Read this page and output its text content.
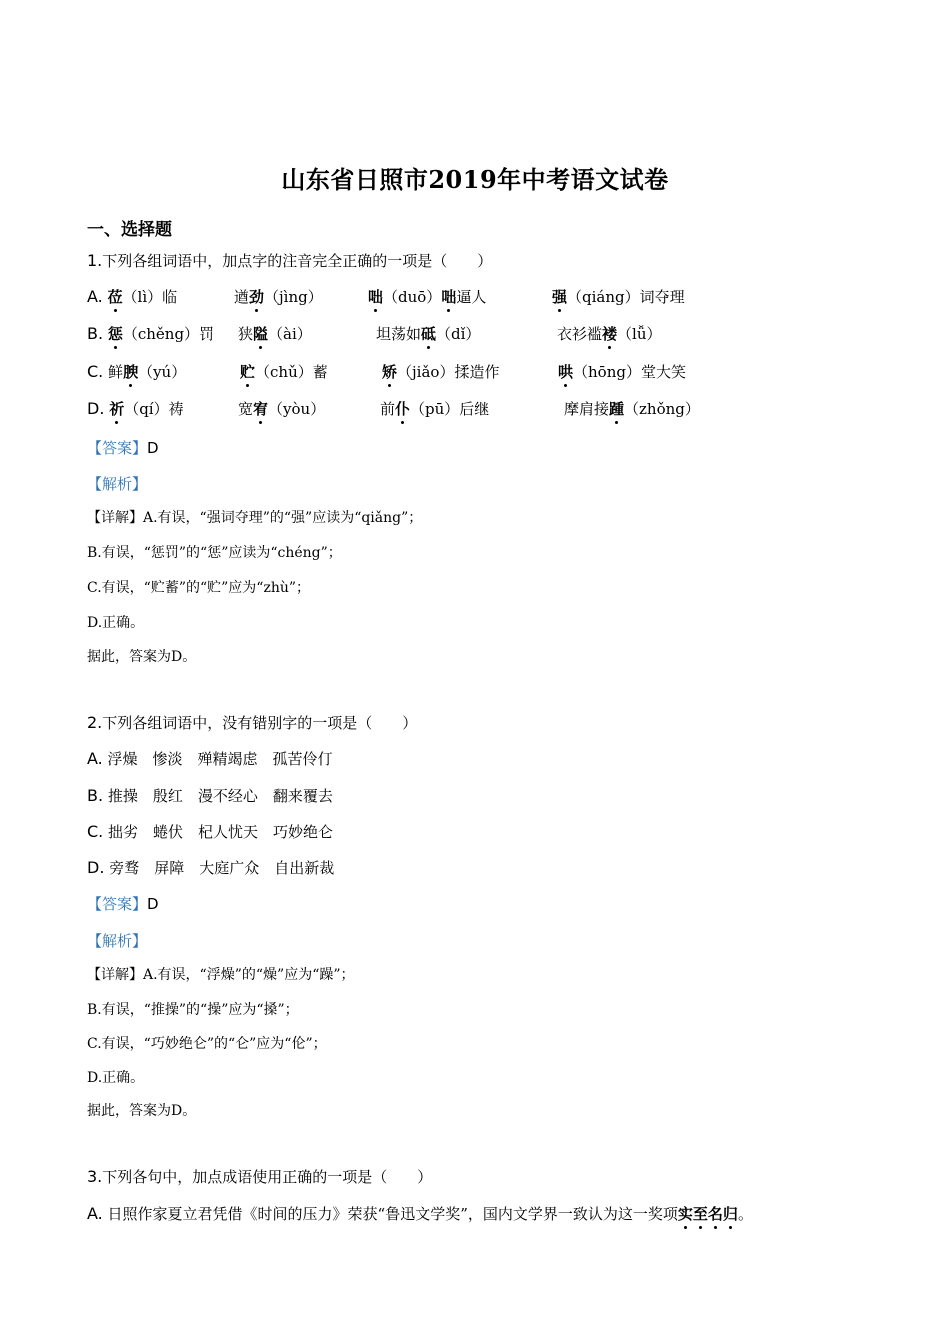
山东省日照市2019年中考语文试卷
一、选择题
1.下列各组词语中，加点字的注音完全正确的一项是（　　）
A. 莅（lì）临	遒劲（jìng）	咄（duō）咄逼人	强（qiáng）词夺理
B. 惩（chěng）罚 狭隘（ài）	坦荡如砥（dǐ）	衣衫褴褛（lǚ）
C. 鲜腴（yú）	贮（chǔ）蓄	矫（jiǎo）揉造作	哄（hōng）堂大笑
D. 祈（qí）祷	宽宥（yòu）	前仆（pū）后继	摩肩接踵（zhǒng）
【答案】D
【解析】
【详解】A.有误，“强词夺理”的“强”应读为“qiǎng”；
B.有误，“惩罚”的“惩”应读为“chéng”；
C.有误，“贮蓄”的“贮”应为“zhù”；
D.正确。
据此，答案为D。
2.下列各组词语中，没有错别字的一项是（　　）
A. 浮燥　惨淡　殚精竭虑　孤苦伶仃
B. 推操　殷红　漫不经心　翻来覆去
C. 拙劣　蜷伏　杞人忧天　巧妙绝仑
D. 旁骛　屏障　大庭广众　自出新裁
【答案】D
【解析】
【详解】A.有误，“浮燥”的“燥”应为“躁”；
B.有误，“推操”的“操”应为“搡”；
C.有误，“巧妙绝仑”的“仑”应为“伦”；
D.正确。
据此，答案为D。
3.下列各句中，加点成语使用正确的一项是（　　）
A. 日照作家夏立君凭借《时间的压力》荣获“鲁迅文学奖”，国内文学界一致认为这一奖项实至名归。
